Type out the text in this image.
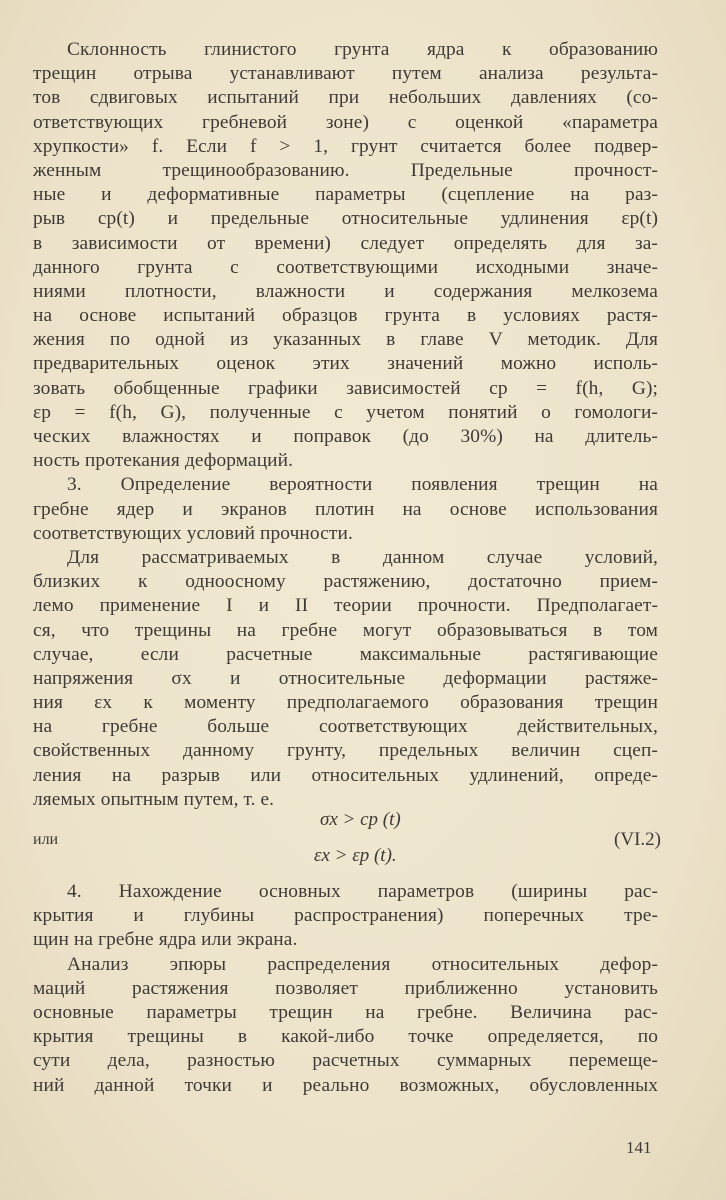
Склонность глинистого грунта ядра к образованию
трещин отрыва устанавливают путем анализа результа-
тов сдвиговых испытаний при небольших давлениях (со-
ответствующих гребневой зоне) с оценкой «параметра
хрупкости» f. Если f > 1, грунт считается более подвер-
женным трещинообразованию. Предельные прочност-
ные и деформативные параметры (сцепление на раз-
рыв cр(t) и предельные относительные удлинения εр(t)
в зависимости от времени) следует определять для за-
данного грунта с соответствующими исходными значе-
ниями плотности, влажности и содержания мелкозема
на основе испытаний образцов грунта в условиях растя-
жения по одной из указанных в главе V методик. Для
предварительных оценок этих значений можно исполь-
зовать обобщенные графики зависимостей cр = f(h, G);
εр = f(h, G), полученные с учетом понятий о гомологи-
ческих влажностях и поправок (до 30%) на длитель-
ность протекания деформаций.
3. Определение вероятности появления трещин на
гребне ядер и экранов плотин на основе использования
соответствующих условий прочности.
Для рассматриваемых в данном случае условий,
близких к одноосному растяжению, достаточно прием-
лемо применение I и II теории прочности. Предполагает-
ся, что трещины на гребне могут образовываться в том
случае, если расчетные максимальные растягивающие
напряжения σx и относительные деформации растяже-
ния εx к моменту предполагаемого образования трещин
на гребне больше соответствующих действительных,
свойственных данному грунту, предельных величин сцеп-
ления на разрыв или относительных удлинений, опреде-
ляемых опытным путем, т. е.
σx > cр (t)
или
εx > εр (t).
(VI.2)
4. Нахождение основных параметров (ширины рас-
крытия и глубины распространения) поперечных тре-
щин на гребне ядра или экрана.
Анализ эпюры распределения относительных дефор-
маций растяжения позволяет приближенно установить
основные параметры трещин на гребне. Величина рас-
крытия трещины в какой-либо точке определяется, по
сути дела, разностью расчетных суммарных перемеще-
ний данной точки и реально возможных, обусловленных
141
